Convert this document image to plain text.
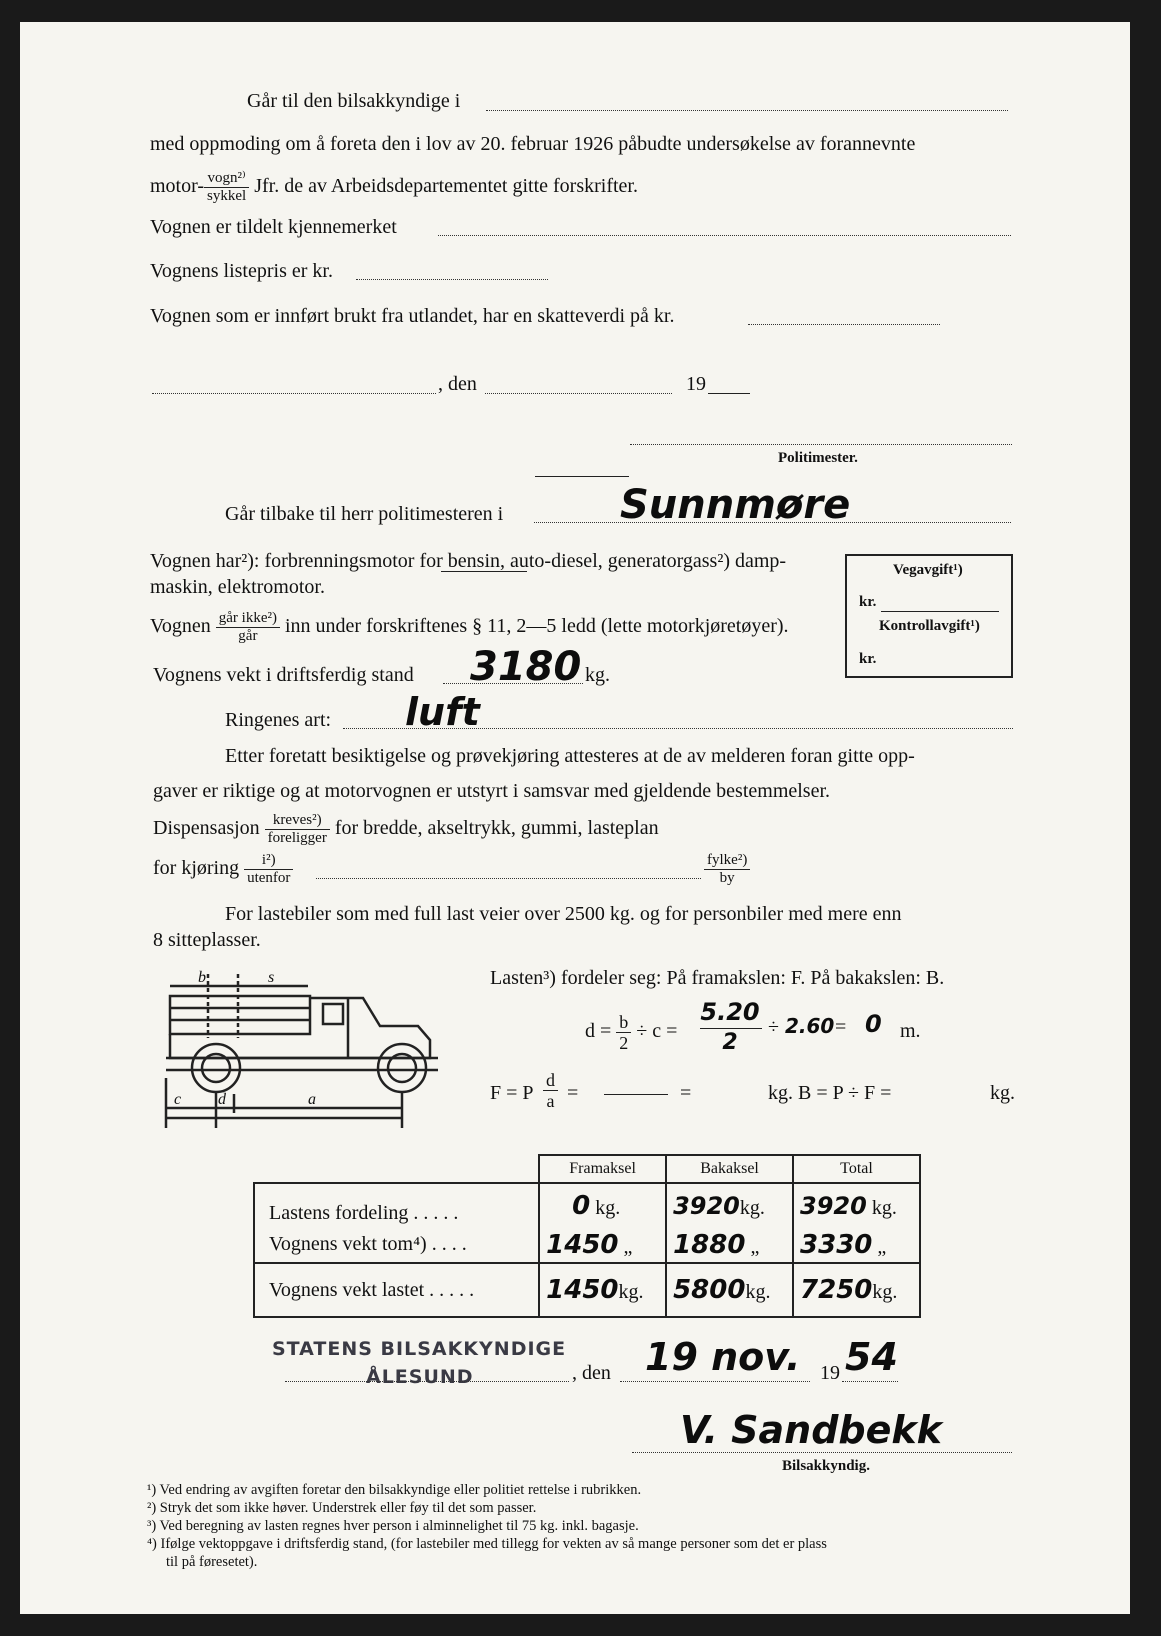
Går til den bilsakkyndige i
med oppmoding om å foreta den i lov av 20. februar 1926 påbudte undersøkelse av forannevnte
motor- $\frac{\text{vogn²⁾}}{\text{sykkel}}$ Jfr. de av Arbeidsdepartementet gitte forskrifter.
Vognen er tildelt kjennemerket
Vognens listepris er kr.
Vognen som er innført brukt fra utlandet, har en skatteverdi på kr.
, den	19
Politimester.
Går tilbake til herr politimesteren i	Sunnmøre
Vognen har²): forbrenningsmotor for bensin, auto-diesel, generatorgass²) damp-
maskin, elektromotor.
Vegavgift¹)
kr.
Kontrollavgift¹)
kr.
Vognen $\frac{\text{går ikke²)}}{\text{går}}$ inn under forskriftenes § 11, 2—5 ledd (lette motorkjøretøyer).
Vognens vekt i driftsferdig stand 3180 kg.
Ringenes art: luft
Etter foretatt besiktigelse og prøvekjøring attesteres at de av melderen foran gitte opp-
gaver er riktige og at motorvognen er utstyrt i samsvar med gjeldende bestemmelser.
Dispensasjon $\frac{\text{kreves²)}}{\text{foreligger}}$ for bredde, akseltrykk, gummi, lasteplan
for kjøring $\frac{\text{i²)}}{\text{utenfor}}$	$\frac{\text{fylke²)}}{by}$
For lastebiler som med full last veier over 2500 kg. og for personbiler med mere enn
8 sitteplasser.
b	s
d
c	a
Lasten³) fordeler seg: På framakslen: F. På bakakslen: B.
$d = \frac{b}{2} \div c$ =
5.20
2
÷ 2.60 = 0 m.
F = P $\frac{d}{a}$ =	=	kg. B = P ÷ F =	kg.
	Framaksel	Bakaksel	Total
Lastens fordeling . . . . .	0 kg.	3920kg.	3920 kg.
Vognens vekt tom⁴) . . . .	1450 „	1880 „	3330 „
Vognens vekt lastet . . . . .	1450kg.	5800kg.	7250kg.
STATENS BILSAKKYNDIGE
ÅLESUND	, den 19 nov. 19 54
V. Sandbekk
Bilsakkyndig.
¹) Ved endring av avgiften foretar den bilsakkyndige eller politiet rettelse i rubrikken.
²) Stryk det som ikke høver. Understrek eller føy til det som passer.
³) Ved beregning av lasten regnes hver person i alminnelighet til 75 kg. inkl. bagasje.
⁴) Ifølge vektoppgave i driftsferdig stand, (for lastebiler med tillegg for vekten av så mange personer som det er plass
til på føresetet).
